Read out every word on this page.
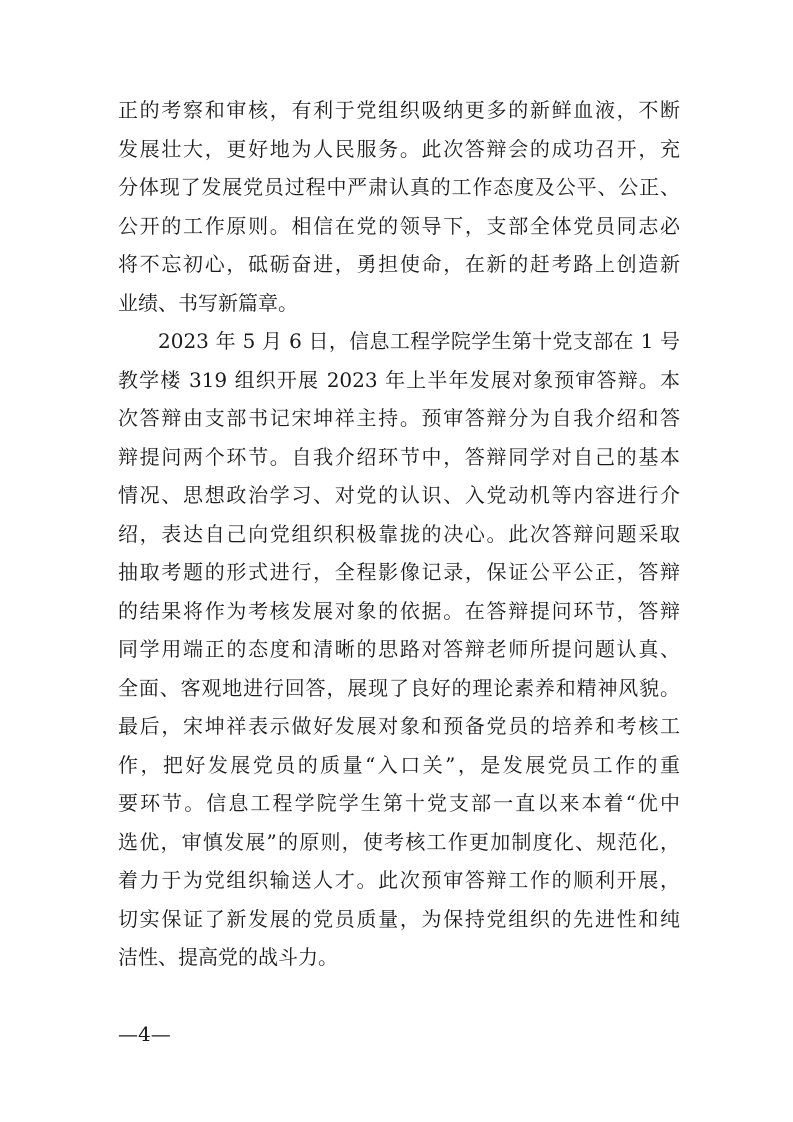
正的考察和审核，有利于党组织吸纳更多的新鲜血液，不断
发展壮大，更好地为人民服务。此次答辩会的成功召开，充
分体现了发展党员过程中严肃认真的工作态度及公平、公正、
公开的工作原则。相信在党的领导下，支部全体党员同志必
将不忘初心，砥砺奋进，勇担使命，在新的赶考路上创造新
业绩、书写新篇章。
2023 年 5 月 6 日，信息工程学院学生第十党支部在 1 号
教学楼 319 组织开展 2023 年上半年发展对象预审答辩。本
次答辩由支部书记宋坤祥主持。预审答辩分为自我介绍和答
辩提问两个环节。自我介绍环节中，答辩同学对自己的基本
情况、思想政治学习、对党的认识、入党动机等内容进行介
绍，表达自己向党组织积极靠拢的决心。此次答辩问题采取
抽取考题的形式进行，全程影像记录，保证公平公正，答辩
的结果将作为考核发展对象的依据。在答辩提问环节，答辩
同学用端正的态度和清晰的思路对答辩老师所提问题认真、
全面、客观地进行回答，展现了良好的理论素养和精神风貌。
最后，宋坤祥表示做好发展对象和预备党员的培养和考核工
作，把好发展党员的质量“入口关”，是发展党员工作的重
要环节。信息工程学院学生第十党支部一直以来本着“优中
选优，审慎发展”的原则，使考核工作更加制度化、规范化，
着力于为党组织输送人才。此次预审答辩工作的顺利开展，
切实保证了新发展的党员质量，为保持党组织的先进性和纯
洁性、提高党的战斗力。
—4—
